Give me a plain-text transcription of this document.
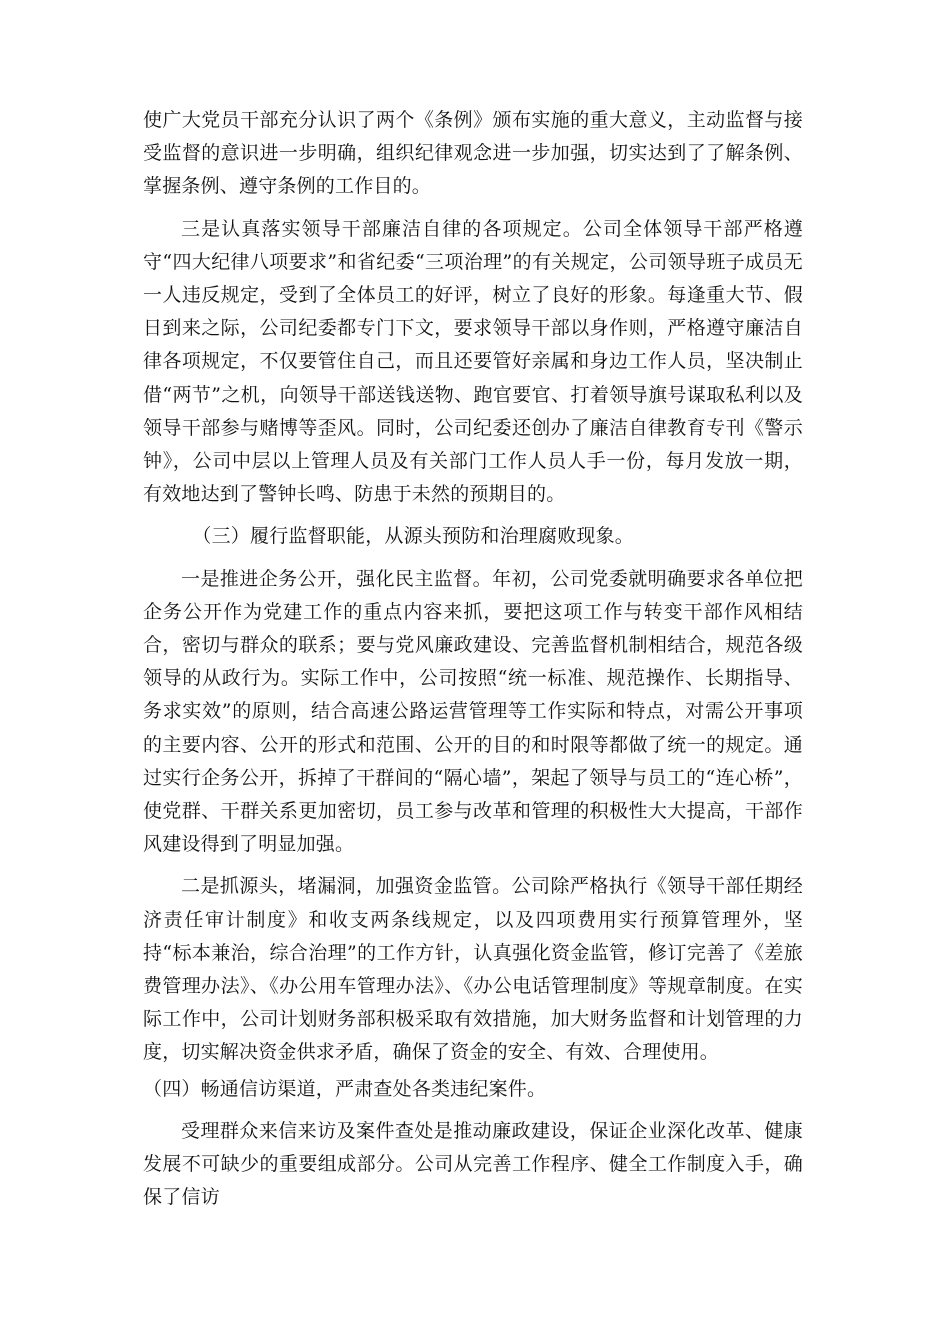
使广大党员干部充分认识了两个《条例》颁布实施的重大意义，主动监督与接受监督的意识进一步明确，组织纪律观念进一步加强，切实达到了了解条例、掌握条例、遵守条例的工作目的。

三是认真落实领导干部廉洁自律的各项规定。公司全体领导干部严格遵守“四大纪律八项要求”和省纪委“三项治理”的有关规定，公司领导班子成员无一人违反规定，受到了全体员工的好评，树立了良好的形象。每逢重大节、假日到来之际，公司纪委都专门下文，要求领导干部以身作则，严格遵守廉洁自律各项规定，不仅要管住自己，而且还要管好亲属和身边工作人员，坚决制止借“两节”之机，向领导干部送钱送物、跑官要官、打着领导旗号谋取私利以及领导干部参与赌博等歪风。同时，公司纪委还创办了廉洁自律教育专刊《警示钟》，公司中层以上管理人员及有关部门工作人员人手一份，每月发放一期，有效地达到了警钟长鸣、防患于未然的预期目的。

（三）履行监督职能，从源头预防和治理腐败现象。

一是推进企务公开，强化民主监督。年初，公司党委就明确要求各单位把企务公开作为党建工作的重点内容来抓，要把这项工作与转变干部作风相结合，密切与群众的联系；要与党风廉政建设、完善监督机制相结合，规范各级领导的从政行为。实际工作中，公司按照“统一标准、规范操作、长期指导、务求实效”的原则，结合高速公路运营管理等工作实际和特点，对需公开事项的主要内容、公开的形式和范围、公开的目的和时限等都做了统一的规定。通过实行企务公开，拆掉了干群间的“隔心墙”，架起了领导与员工的“连心桥”，使党群、干群关系更加密切，员工参与改革和管理的积极性大大提高，干部作风建设得到了明显加强。

二是抓源头，堵漏洞，加强资金监管。公司除严格执行《领导干部任期经济责任审计制度》和收支两条线规定，以及四项费用实行预算管理外，坚持“标本兼治，综合治理”的工作方针，认真强化资金监管，修订完善了《差旅费管理办法》、《办公用车管理办法》、《办公电话管理制度》等规章制度。在实际工作中，公司计划财务部积极采取有效措施，加大财务监督和计划管理的力度，切实解决资金供求矛盾，确保了资金的安全、有效、合理使用。

（四）畅通信访渠道，严肃查处各类违纪案件。

受理群众来信来访及案件查处是推动廉政建设，保证企业深化改革、健康发展不可缺少的重要组成部分。公司从完善工作程序、健全工作制度入手，确保了信访
